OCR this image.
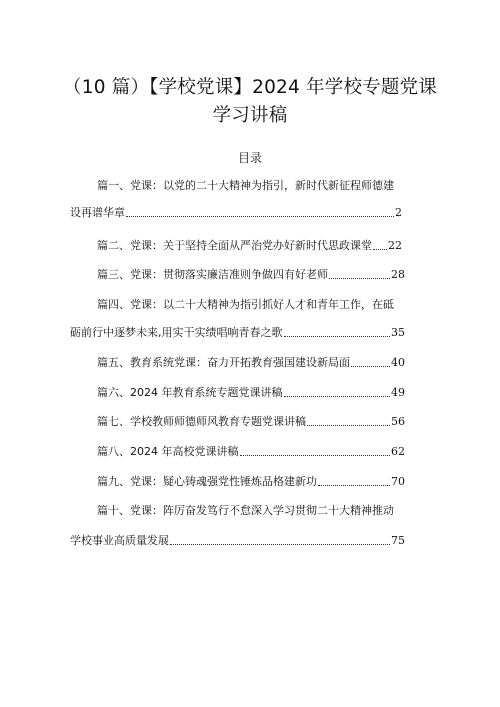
（10 篇）【学校党课】2024 年学校专题党课
学习讲稿
目录
篇一、党课：以党的二十大精神为指引，新时代新征程师德建
设再谱华章	2
篇二、党课：关于坚持全面从严治党办好新时代思政课堂 22
篇三、党课：贯彻落实廉洁准则争做四有好老师	28
篇四、党课：以二十大精神为指引抓好人才和青年工作，在砥
砺前行中逐梦未来,用实干实绩唱响青春之歌	35
篇五、教育系统党课：奋力开拓教育强国建设新局面	40
篇六、2024 年教育系统专题党课讲稿	49
篇七、学校教师师德师风教育专题党课讲稿	56
篇八、2024 年高校党课讲稿	62
篇九、党课：疑心铸魂强党性锤炼品格建新功	70
篇十、党课：阵厉奋发笃行不怠深入学习贯彻二十大精神推动
学校事业高质量发展	75
